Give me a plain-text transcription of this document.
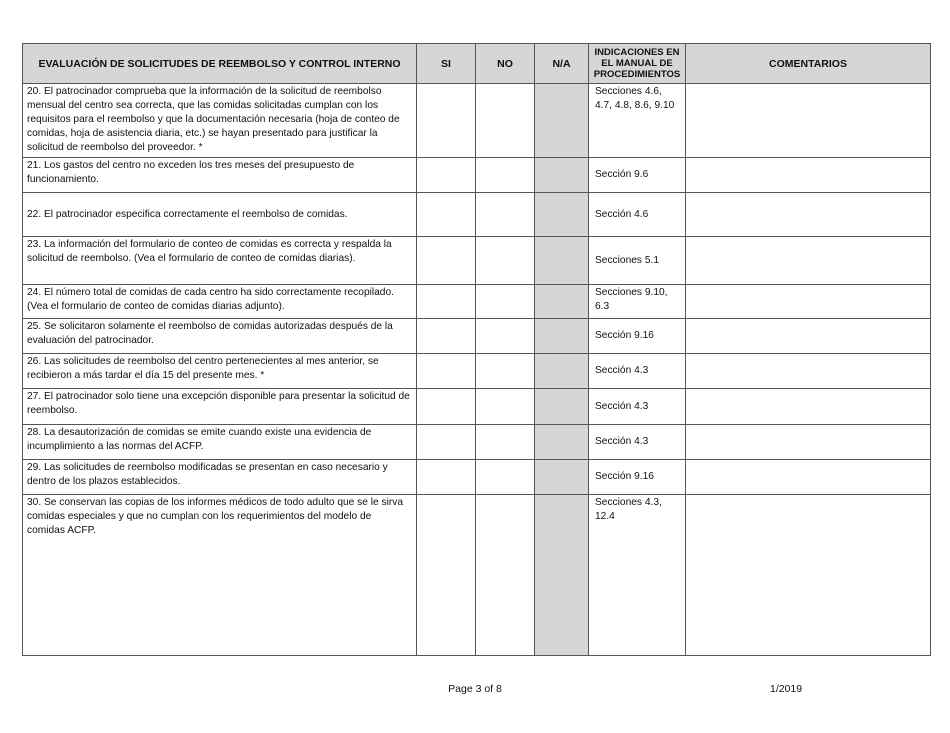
EVALUACIÓN DE SOLICITUDES DE REEMBOLSO Y CONTROL INTERNO	SI	NO	N/A	INDICACIONES EN EL MANUAL DE PROCEDIMIENTOS	COMENTARIOS
20. El patrocinador comprueba que la información de la solicitud de reembolso mensual del centro sea correcta, que las comidas solicitadas cumplan con los requisitos para el reembolso y que la documentación necesaria (hoja de conteo de comidas, hoja de asistencia diaria, etc.) se hayan presentado para justificar la solicitud de reembolso del proveedor. *				Secciones 4.6, 4.7, 4.8, 8.6, 9.10	
21. Los gastos del centro no exceden los tres meses del presupuesto de funcionamiento.				Sección 9.6	
22. El patrocinador especifica correctamente el reembolso de comidas.				Sección 4.6	
23. La información del formulario de conteo de comidas es correcta y respalda la solicitud de reembolso. (Vea el formulario de conteo de comidas diarias).				Secciones 5.1	
24. El número total de comidas de cada centro ha sido correctamente recopilado. (Vea el formulario de conteo de comidas diarias adjunto).				Secciones 9.10, 6.3	
25. Se solicitaron solamente el reembolso de comidas autorizadas después de la evaluación del patrocinador.				Sección 9.16	
26. Las solicitudes de reembolso del centro pertenecientes al mes anterior, se recibieron a más tardar el día 15 del presente mes. *				Sección 4.3	
27. El patrocinador solo tiene una excepción disponible para presentar la solicitud de reembolso.				Sección 4.3	
28. La desautorización de comidas se emite cuando existe una evidencia de incumplimiento a las normas del ACFP.				Sección 4.3	
29. Las solicitudes de reembolso modificadas se presentan en caso necesario y dentro de los plazos establecidos.				Sección 9.16	
30. Se conservan las copias de los informes médicos de todo adulto que se le sirva comidas especiales y que no cumplan con los requerimientos del modelo de comidas ACFP.				Secciones 4.3, 12.4	
Page 3 of 8	1/2019
